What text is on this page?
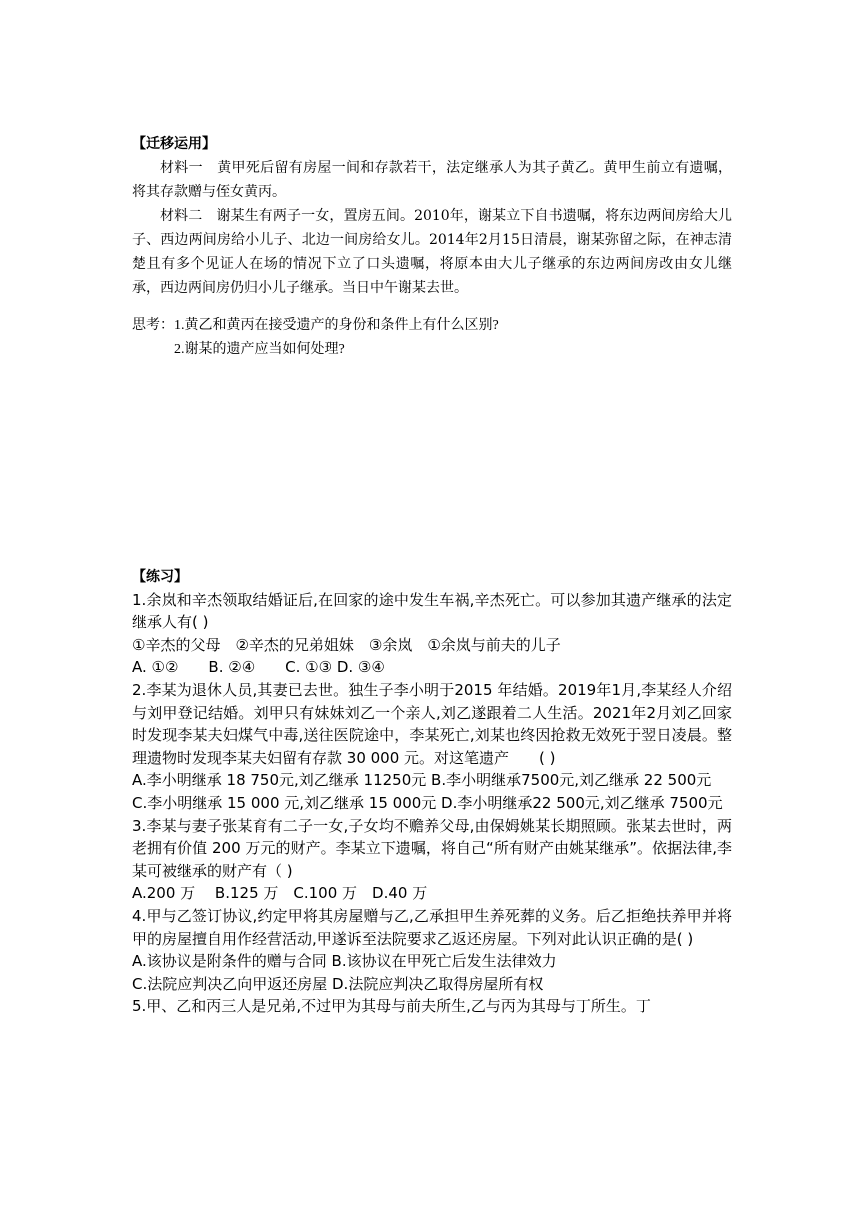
【迁移运用】

材料一　黄甲死后留有房屋一间和存款若干，法定继承人为其子黄乙。黄甲生前立有遗嘱，将其存款赠与侄女黄丙。

材料二　谢某生有两子一女，置房五间。2010年，谢某立下自书遗嘱，将东边两间房给大儿子、西边两间房给小儿子、北边一间房给女儿。2014年2月15日清晨，谢某弥留之际，在神志清楚且有多个见证人在场的情况下立了口头遗嘱，将原本由大儿子继承的东边两间房改由女儿继承，西边两间房仍归小儿子继承。当日中午谢某去世。

思考：1.黄乙和黄丙在接受遗产的身份和条件上有什么区别?

2.谢某的遗产应当如何处理?

【练习】

1.余岚和辛杰领取结婚证后,在回家的途中发生车祸,辛杰死亡。可以参加其遗产继承的法定继承人有( )

①辛杰的父母　②辛杰的兄弟姐妹　③余岚　①余岚与前夫的儿子

A. ①②　　B. ②④　　C. ①③ D. ③④

2.李某为退休人员,其妻已去世。独生子李小明于2015 年结婚。2019年1月,李某经人介绍与刘甲登记结婚。刘甲只有妹妹刘乙一个亲人,刘乙遂跟着二人生活。2021年2月刘乙回家时发现李某夫妇煤气中毒,送往医院途中，李某死亡,刘某也终因抢救无效死于翌日凌晨。整理遗物时发现李某夫妇留有存款 30 000 元。对这笔遗产　　( )

A.李小明继承 18 750元,刘乙继承 11250元 B.李小明继承7500元,刘乙继承 22 500元

C.李小明继承 15 000 元,刘乙继承 15 000元 D.李小明继承22 500元,刘乙继承 7500元

3.李某与妻子张某育有二子一女,子女均不赡养父母,由保姆姚某长期照顾。张某去世时，两老拥有价值 200 万元的财产。李某立下遗嘱，将自己“所有财产由姚某继承”。依据法律,李某可被继承的财产有（ )

A.200 万　 B.125 万　C.100 万　D.40 万

4.甲与乙签订协议,约定甲将其房屋赠与乙,乙承担甲生养死葬的义务。后乙拒绝扶养甲并将甲的房屋擅自用作经营活动,甲遂诉至法院要求乙返还房屋。下列对此认识正确的是( )

A.该协议是附条件的赠与合同 B.该协议在甲死亡后发生法律效力

C.法院应判决乙向甲返还房屋 D.法院应判决乙取得房屋所有权

5.甲、乙和丙三人是兄弟,不过甲为其母与前夫所生,乙与丙为其母与丁所生。丁
